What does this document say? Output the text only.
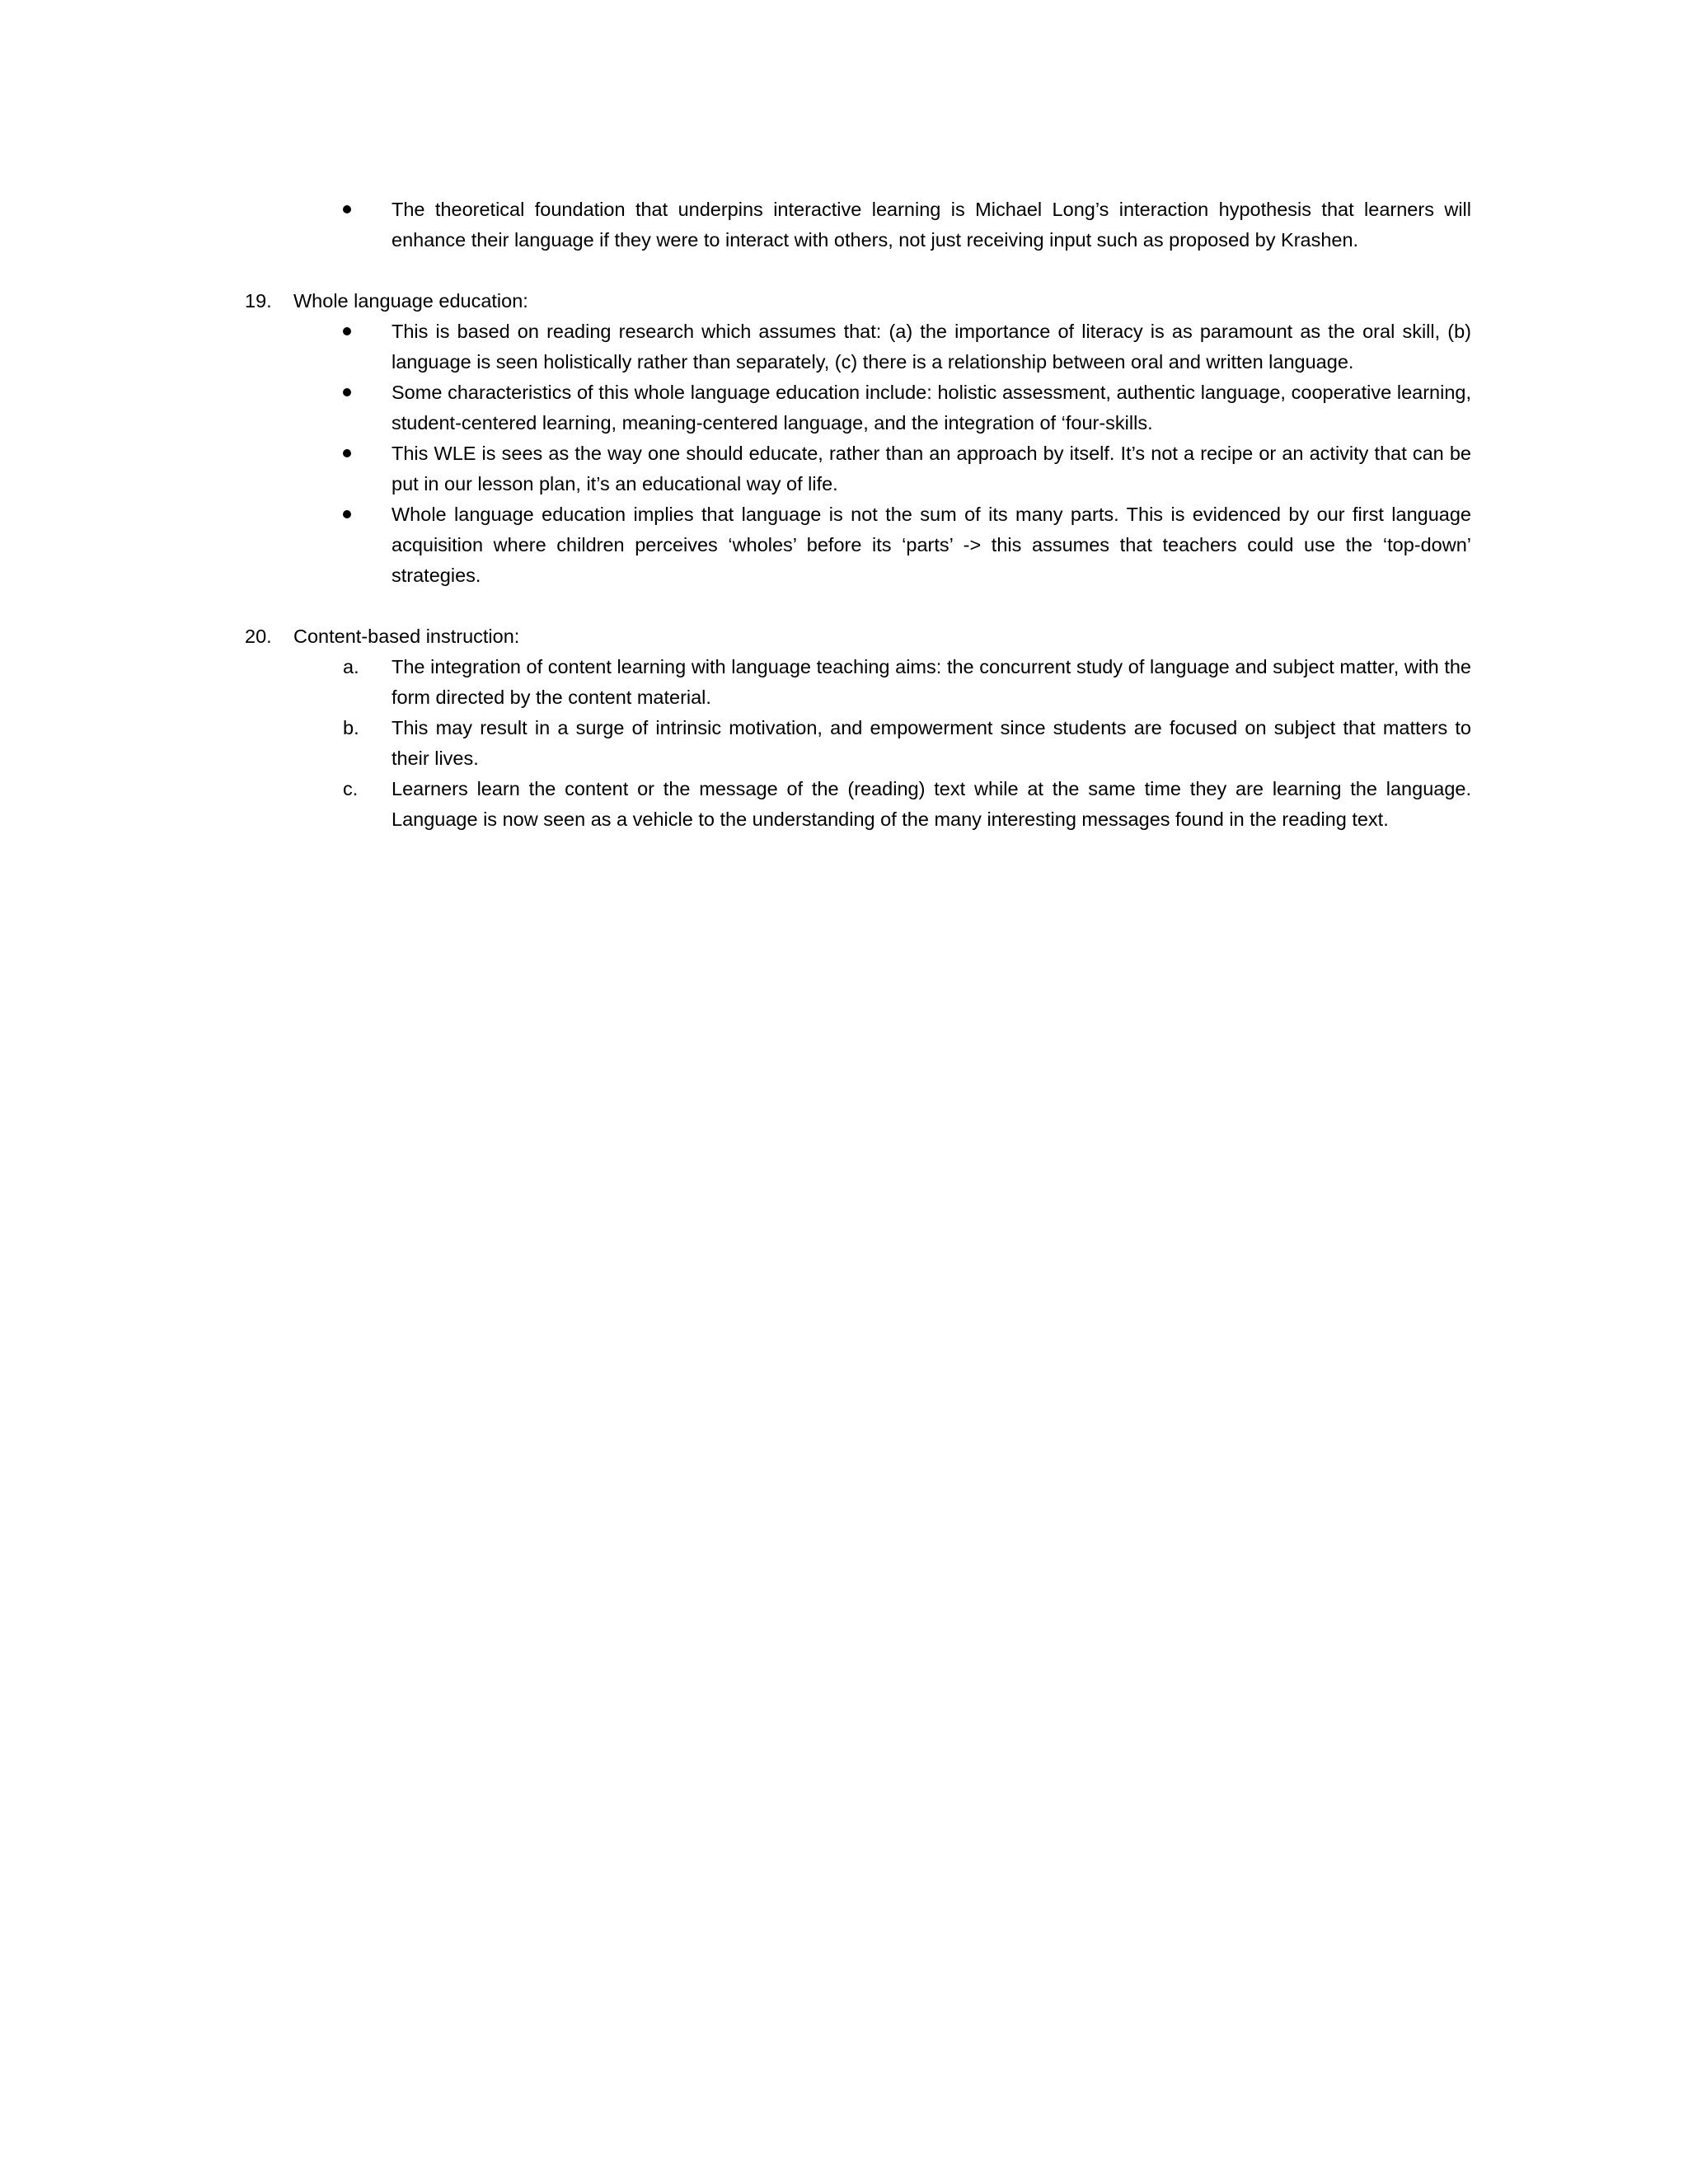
The theoretical foundation that underpins interactive learning is Michael Long’s interaction hypothesis that learners will enhance their language if they were to interact with others, not just receiving input such as proposed by Krashen.
19. Whole language education:
This is based on reading research which assumes that: (a) the importance of literacy is as paramount as the oral skill, (b) language is seen holistically rather than separately, (c) there is a relationship between oral and written language.
Some characteristics of this whole language education include: holistic assessment, authentic language, cooperative learning, student-centered learning, meaning-centered language, and the integration of ‘four-skills.
This WLE is sees as the way one should educate, rather than an approach by itself. It’s not a recipe or an activity that can be put in our lesson plan, it’s an educational way of life.
Whole language education implies that language is not the sum of its many parts. This is evidenced by our first language acquisition where children perceives ‘wholes’ before its ‘parts’ -> this assumes that teachers could use the ‘top-down’ strategies.
20. Content-based instruction:
a. The integration of content learning with language teaching aims: the concurrent study of language and subject matter, with the form directed by the content material.
b. This may result in a surge of intrinsic motivation, and empowerment since students are focused on subject that matters to their lives.
c. Learners learn the content or the message of the (reading) text while at the same time they are learning the language. Language is now seen as a vehicle to the understanding of the many interesting messages found in the reading text.
